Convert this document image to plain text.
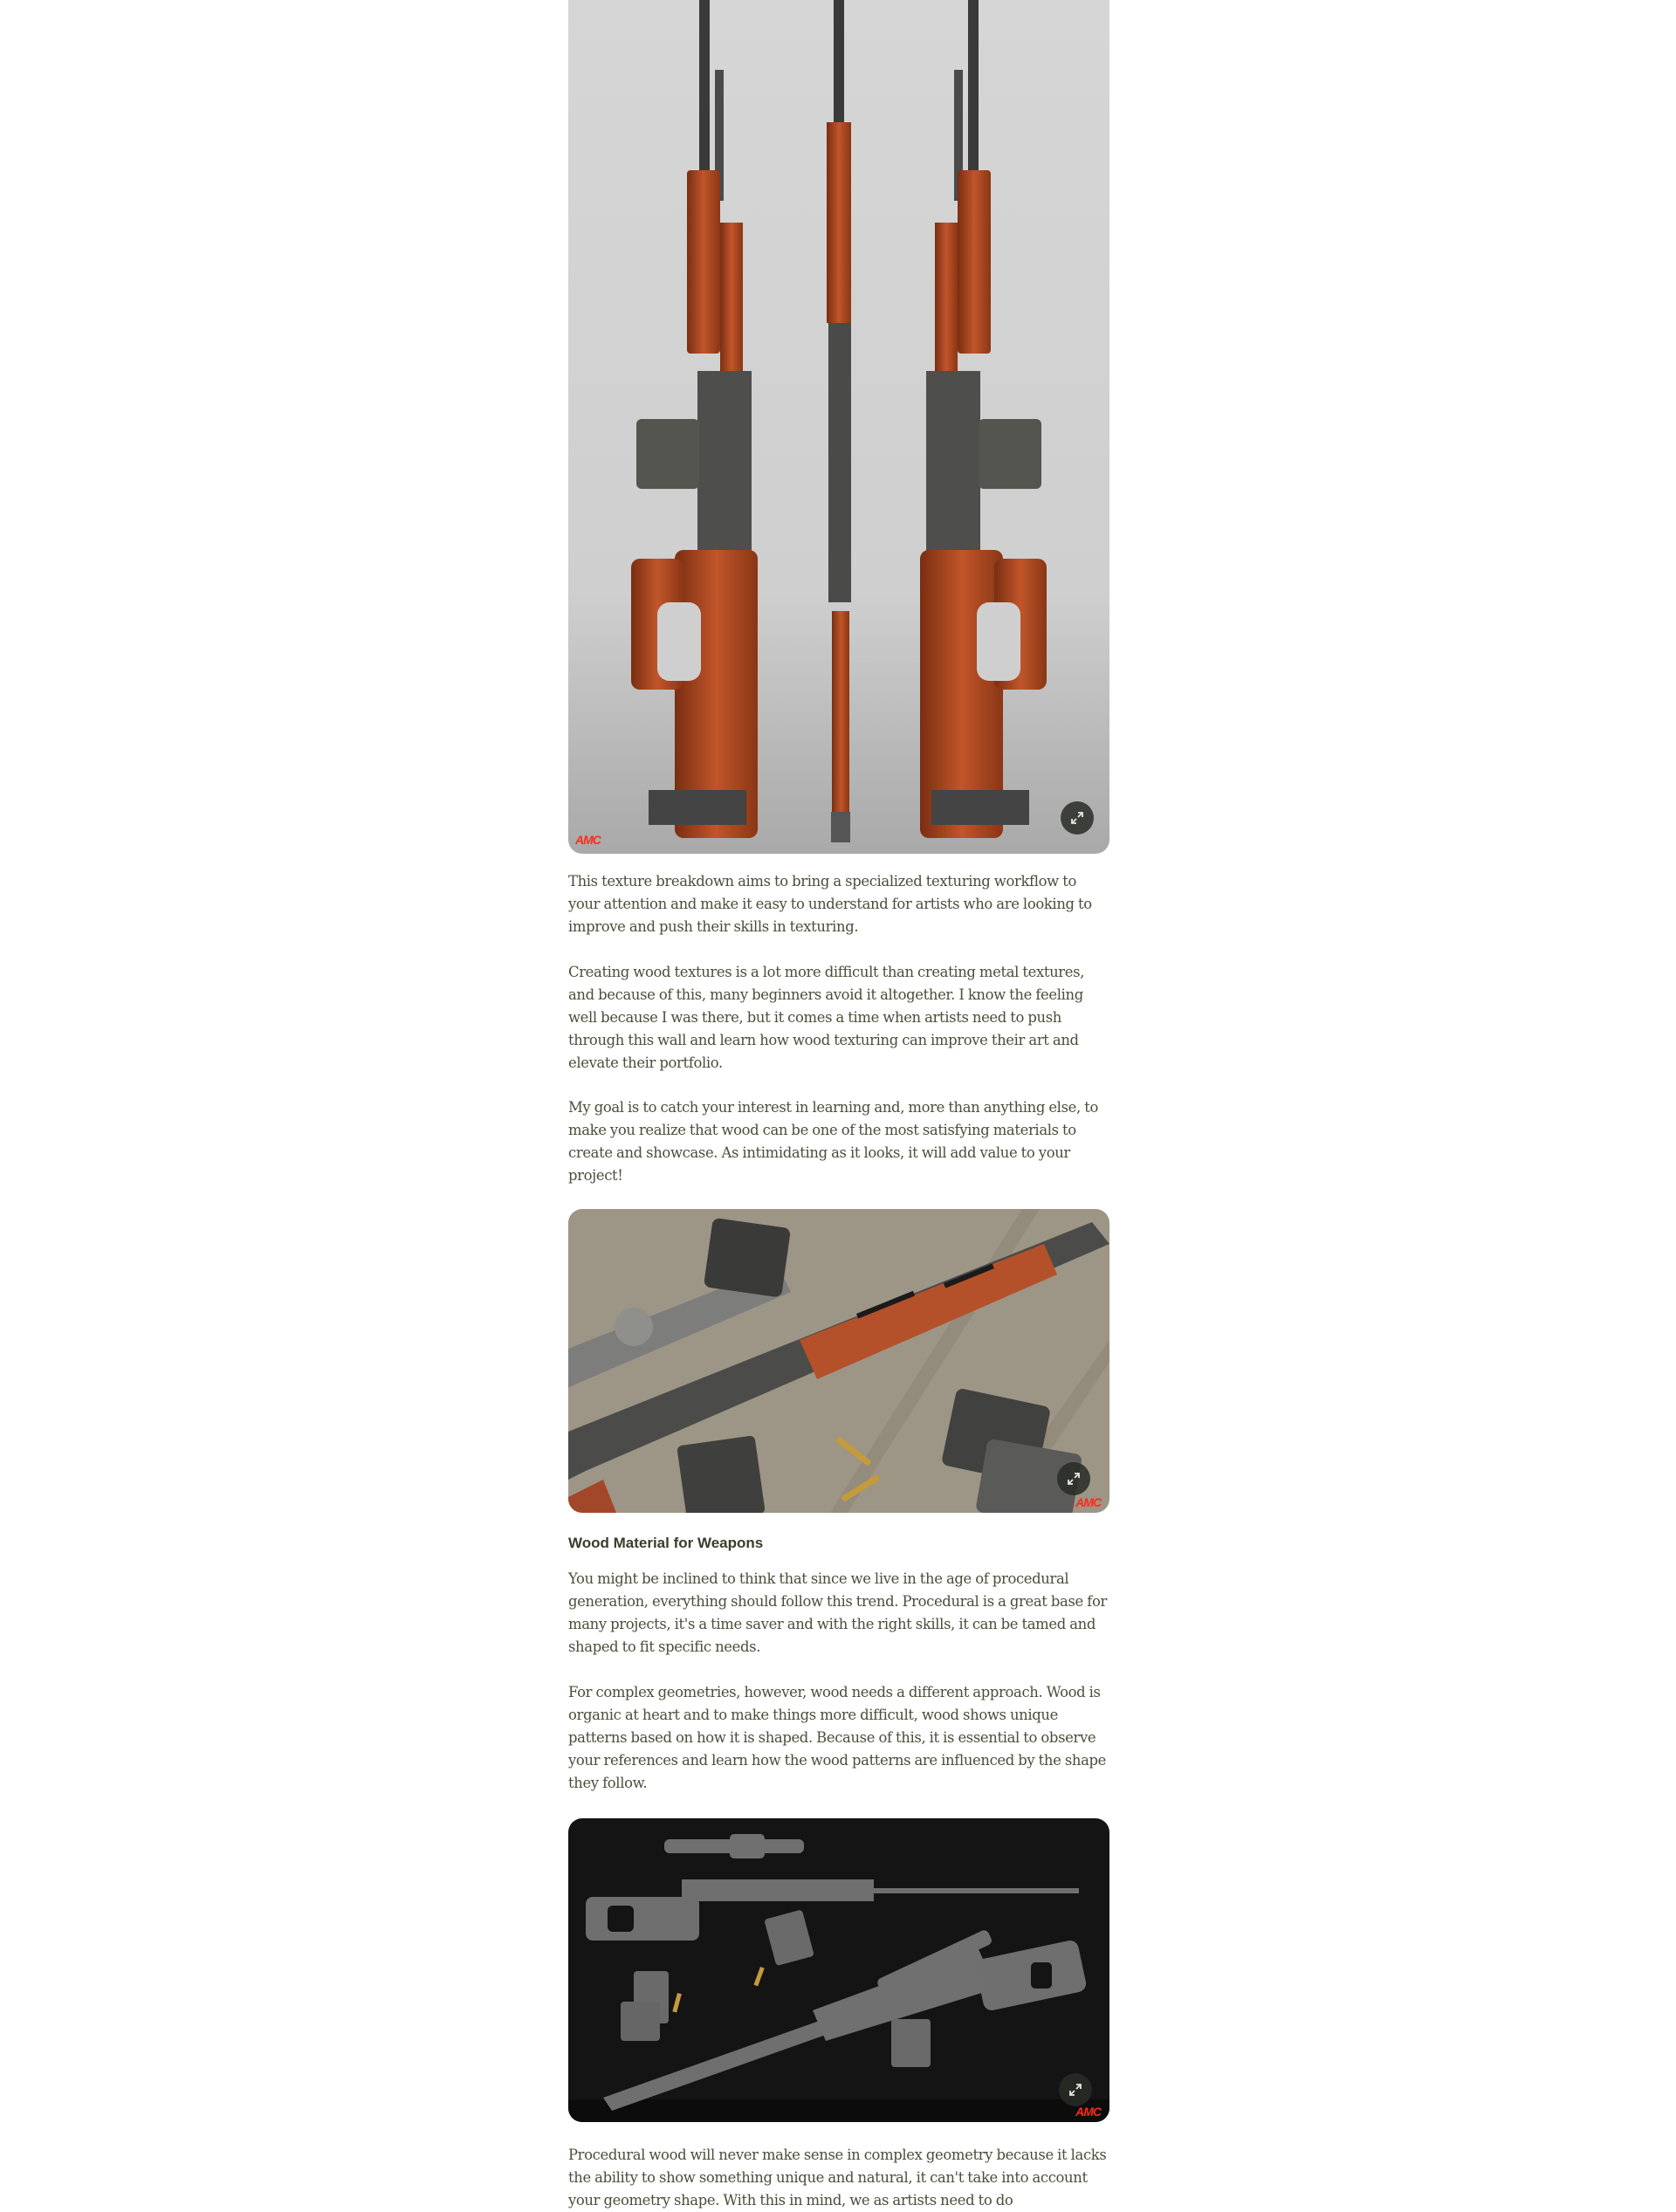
AMC

This texture breakdown aims to bring a specialized texturing workflow to your attention and make it easy to understand for artists who are looking to improve and push their skills in texturing.

Creating wood textures is a lot more difficult than creating metal textures, and because of this, many beginners avoid it altogether. I know the feeling well because I was there, but it comes a time when artists need to push through this wall and learn how wood texturing can improve their art and elevate their portfolio.

My goal is to catch your interest in learning and, more than anything else, to make you realize that wood can be one of the most satisfying materials to create and showcase. As intimidating as it looks, it will add value to your project!

AMC
Wood Material for Weapons

You might be inclined to think that since we live in the age of procedural generation, everything should follow this trend. Procedural is a great base for many projects, it's a time saver and with the right skills, it can be tamed and shaped to fit specific needs.

For complex geometries, however, wood needs a different approach. Wood is organic at heart and to make things more difficult, wood shows unique patterns based on how it is shaped. Because of this, it is essential to observe your references and learn how the wood patterns are influenced by the shape they follow.

AMC

Procedural wood will never make sense in complex geometry because it lacks the ability to show something unique and natural, it can't take into account your geometry shape. With this in mind, we as artists need to do
